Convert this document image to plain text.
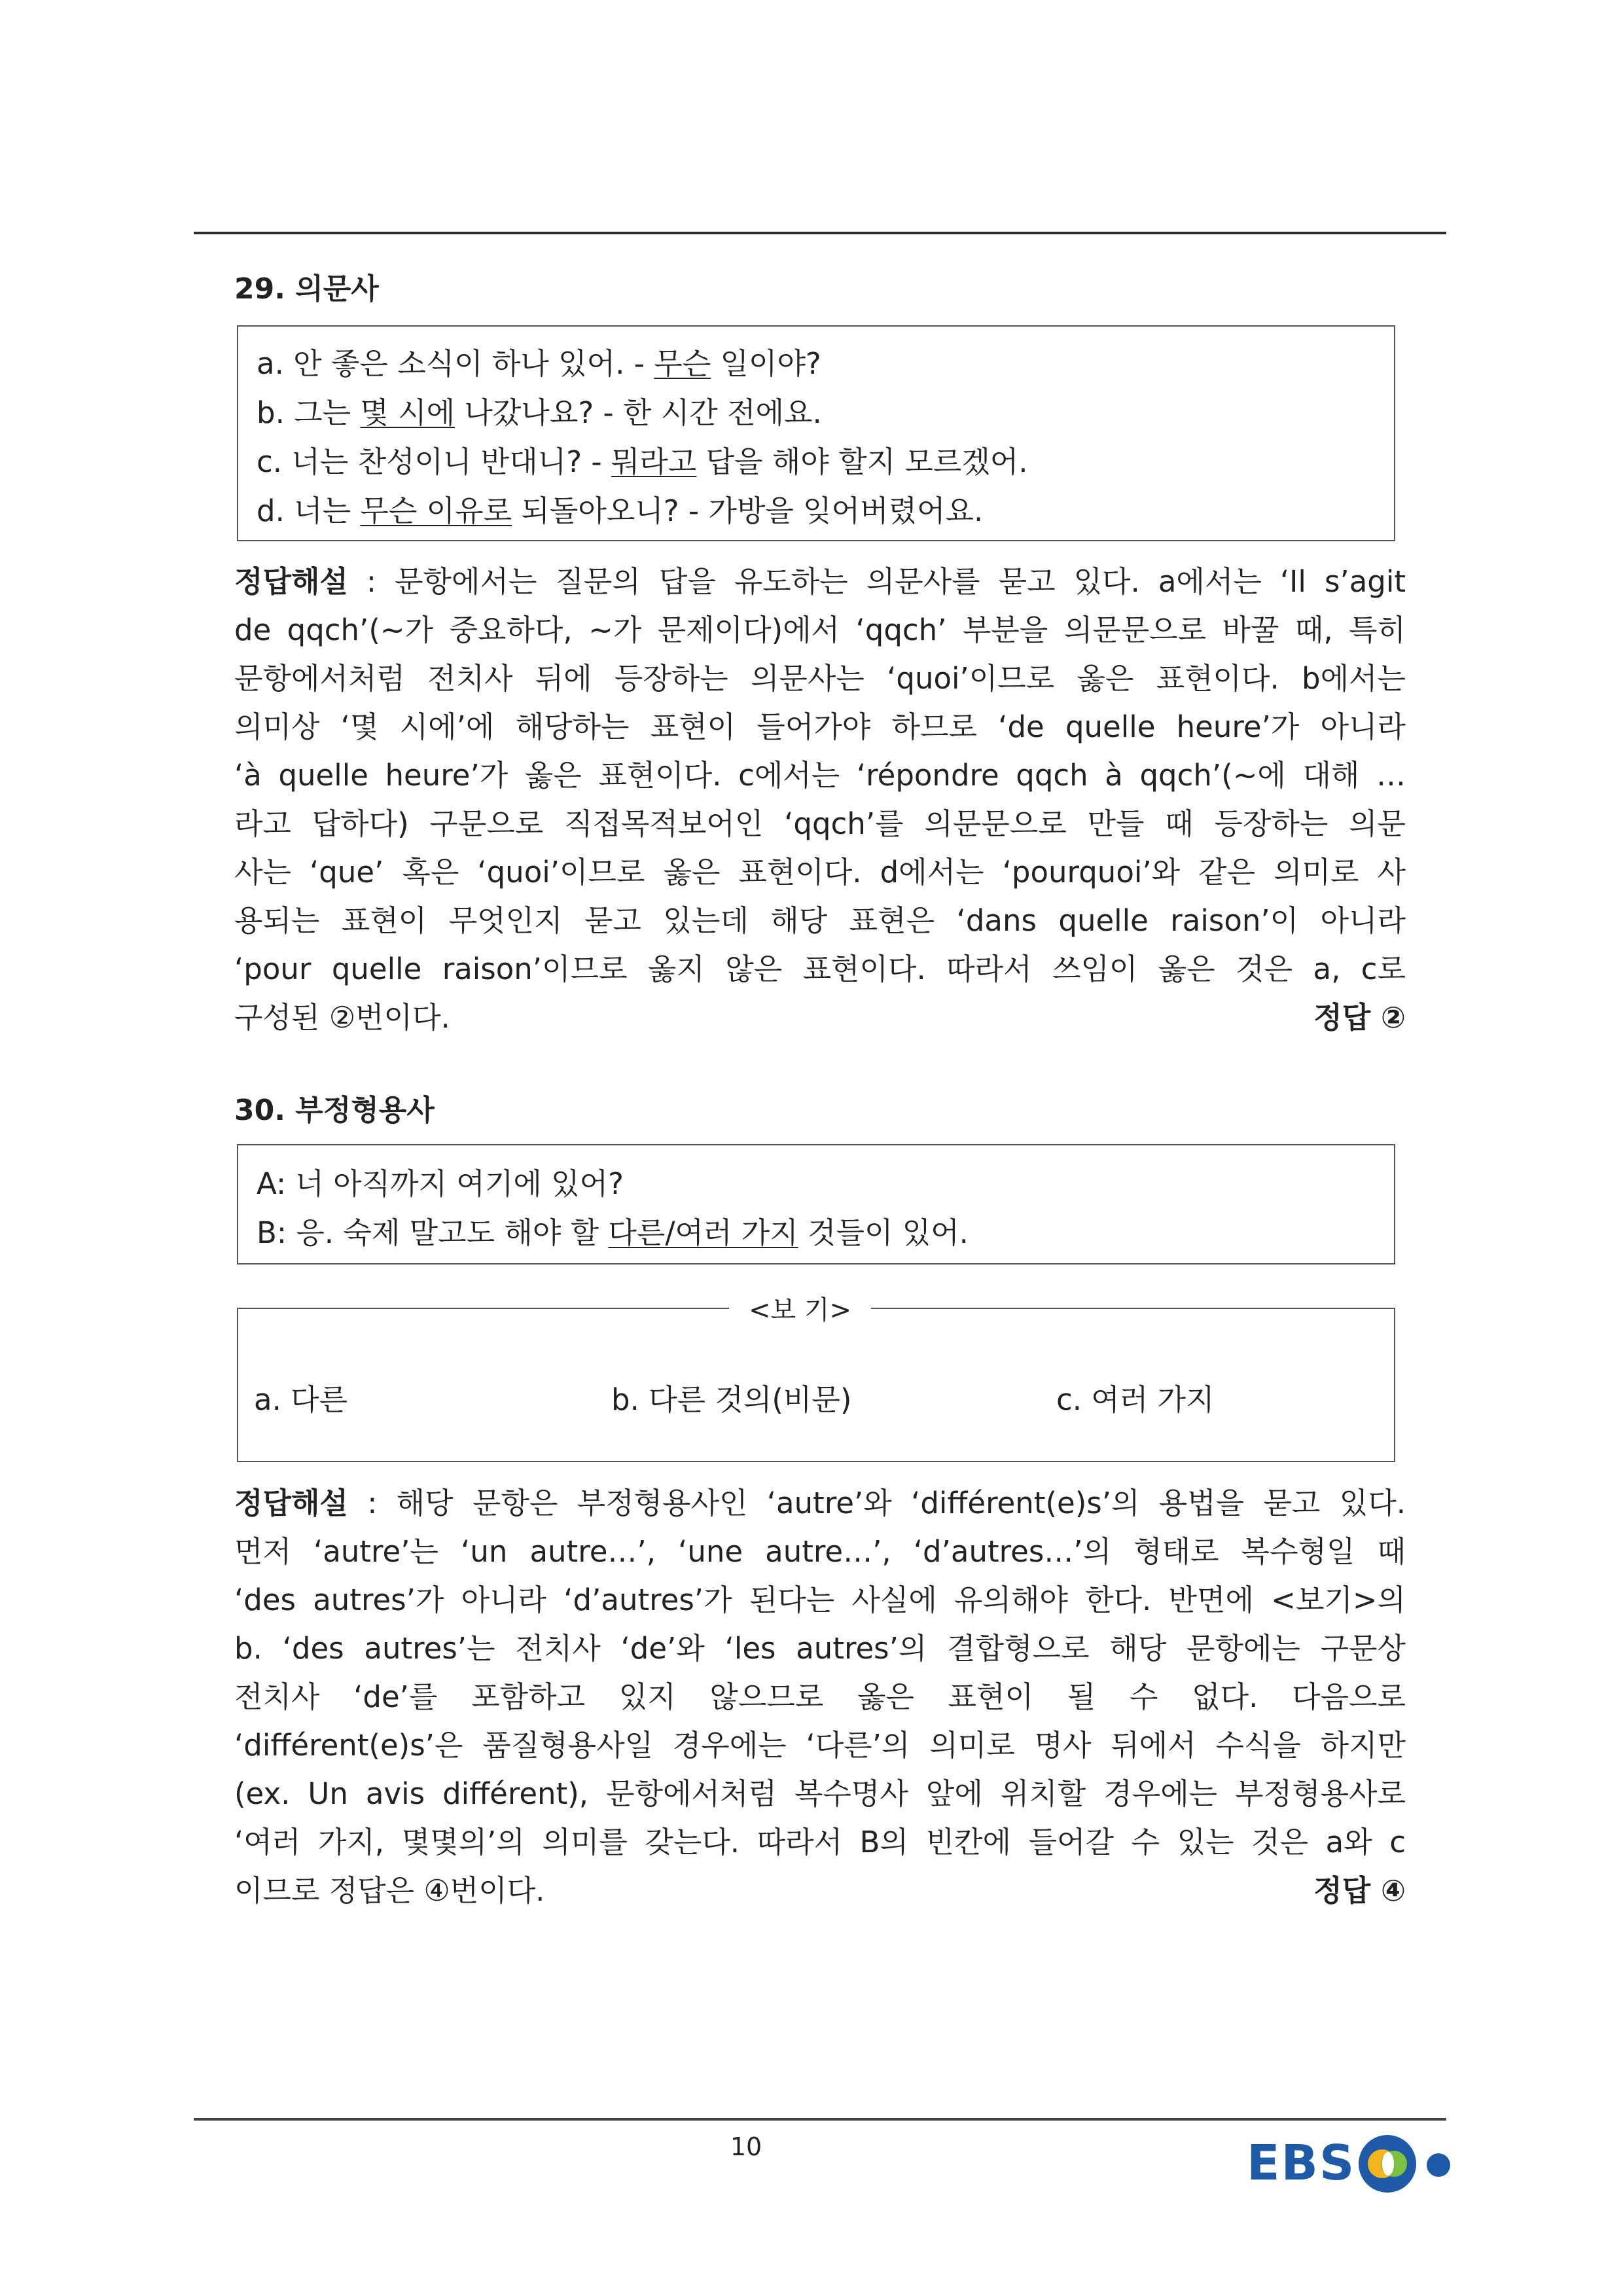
29. 의문사
a. 안 좋은 소식이 하나 있어. - 무슨 일이야?
b. 그는 몇 시에 나갔나요? - 한 시간 전에요.
c. 너는 찬성이니 반대니? - 뭐라고 답을 해야 할지 모르겠어.
d. 너는 무슨 이유로 되돌아오니? - 가방을 잊어버렸어요.
정답해설 : 문항에서는 질문의 답을 유도하는 의문사를 묻고 있다. a에서는 ‘Il s’agit
de qqch’(~가 중요하다, ~가 문제이다)에서 ‘qqch’ 부분을 의문문으로 바꿀 때, 특히
문항에서처럼 전치사 뒤에 등장하는 의문사는 ‘quoi’이므로 옳은 표현이다. b에서는
의미상 ‘몇 시에’에 해당하는 표현이 들어가야 하므로 ‘de quelle heure’가 아니라
‘à quelle heure’가 옳은 표현이다. c에서는 ‘répondre qqch à qqch’(~에 대해 …
라고 답하다) 구문으로 직접목적보어인 ‘qqch’를 의문문으로 만들 때 등장하는 의문
사는 ‘que’ 혹은 ‘quoi’이므로 옳은 표현이다. d에서는 ‘pourquoi’와 같은 의미로 사
용되는 표현이 무엇인지 묻고 있는데 해당 표현은 ‘dans quelle raison’이 아니라
‘pour quelle raison’이므로 옳지 않은 표현이다. 따라서 쓰임이 옳은 것은 a, c로
구성된 ②번이다.	정답 ②
30. 부정형용사
A: 너 아직까지 여기에 있어?
B: 응. 숙제 말고도 해야 할 다른/여러 가지 것들이 있어.
<보 기>
a. 다른	b. 다른 것의(비문)	c. 여러 가지
정답해설 : 해당 문항은 부정형용사인 ‘autre’와 ‘différent(e)s’의 용법을 묻고 있다.
먼저 ‘autre’는 ‘un autre…’, ‘une autre…’, ‘d’autres…’의 형태로 복수형일 때
‘des autres’가 아니라 ‘d’autres’가 된다는 사실에 유의해야 한다. 반면에 <보기>의
b. ‘des autres’는 전치사 ‘de’와 ‘les autres’의 결합형으로 해당 문항에는 구문상
전치사 ‘de’를 포함하고 있지 않으므로 옳은 표현이 될 수 없다. 다음으로
‘différent(e)s’은 품질형용사일 경우에는 ‘다른’의 의미로 명사 뒤에서 수식을 하지만
(ex. Un avis différent), 문항에서처럼 복수명사 앞에 위치할 경우에는 부정형용사로
‘여러 가지, 몇몇의’의 의미를 갖는다. 따라서 B의 빈칸에 들어갈 수 있는 것은 a와 c
이므로 정답은 ④번이다.	정답 ④
10	EBS
